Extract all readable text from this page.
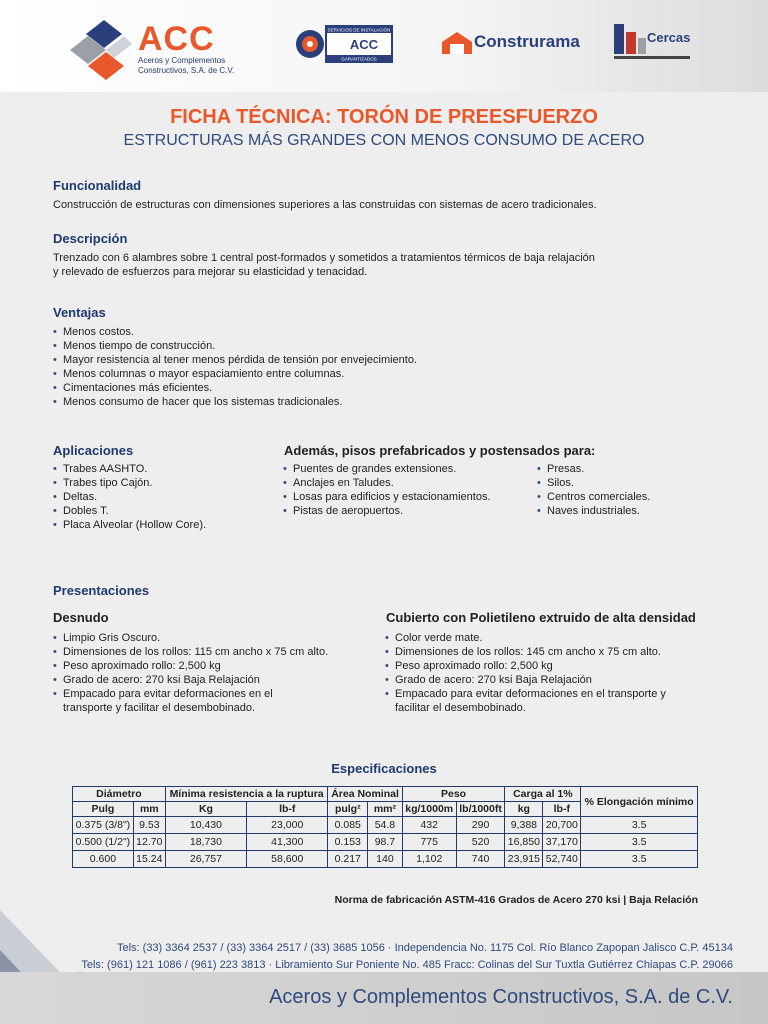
ACC
Aceros y Complementos Constructivos, S.A. de C.V.
SERVICIOS DE INSTALACIÓN
ACC
GARANTIZADOS
Construrama	Cercas
FICHA TÉCNICA: TORÓN DE PREESFUERZO
ESTRUCTURAS MÁS GRANDES CON MENOS CONSUMO DE ACERO
Funcionalidad
Construcción de estructuras con dimensiones superiores a las construidas con sistemas de acero tradicionales.
Descripción
Trenzado con 6 alambres sobre 1 central post-formados y sometidos a tratamientos térmicos de baja relajación
y relevado de esfuerzos para mejorar su elasticidad y tenacidad.
Ventajas
• Menos costos.
• Menos tiempo de construcción.
• Mayor resistencia al tener menos pérdida de tensión por envejecimiento.
• Menos columnas o mayor espaciamiento entre columnas.
• Cimentaciones más eficientes.
• Menos consumo de hacer que los sistemas tradicionales.
Aplicaciones
• Trabes AASHTO.
• Trabes tipo Cajón.
• Deltas.
• Dobles T.
• Placa Alveolar (Hollow Core).
Además, pisos prefabricados y postensados para:
• Puentes de grandes extensiones.
• Anclajes en Taludes.
• Losas para edificios y estacionamientos.
• Pistas de aeropuertos.
• Presas.
• Silos.
• Centros comerciales.
• Naves industriales.
Presentaciones
Desnudo
• Limpio Gris Oscuro.
• Dimensiones de los rollos: 115 cm ancho x 75 cm alto.
• Peso aproximado rollo: 2,500 kg
• Grado de acero: 270 ksi Baja Relajación
• Empacado para evitar deformaciones en el
transporte y facilitar el desembobinado.
Cubierto con Polietileno extruido de alta densidad
• Color verde mate.
• Dimensiones de los rollos: 145 cm ancho x 75 cm alto.
• Peso aproximado rollo: 2,500 kg
• Grado de acero: 270 ksi Baja Relajación
• Empacado para evitar deformaciones en el transporte y
facilitar el desembobinado.
Especificaciones
Diámetro		Mínima resistencia a la ruptura		Área Nominal		Peso		Carga al 1%		% Elongación mínimo
Pulg	mm	Kg	lb-f	pulg²	mm²	kg/1000m	lb/1000ft	kg	lb-f	
0.375 (3/8")	9.53	10,430	23,000	0.085	54.8	432	290	9,388	20,700	3.5
0.500 (1/2")	12.70	18,730	41,300	0.153	98.7	775	520	16,850	37,170	3.5
0.600	15.24	26,757	58,600	0.217	140	1,102	740	23,915	52,740	3.5
Norma de fabricación ASTM-416 Grados de Acero 270 ksi | Baja Relación
Tels: (33) 3364 2537 / (33) 3364 2517 / (33) 3685 1056 · Independencia No. 1175 Col. Río Blanco Zapopan Jalisco C.P. 45134
Tels: (961) 121 1086 / (961) 223 3813 · Libramiento Sur Poniente No. 485 Fracc: Colinas del Sur Tuxtla Gutiérrez Chiapas C.P. 29066
Aceros y Complementos Constructivos, S.A. de C.V.
